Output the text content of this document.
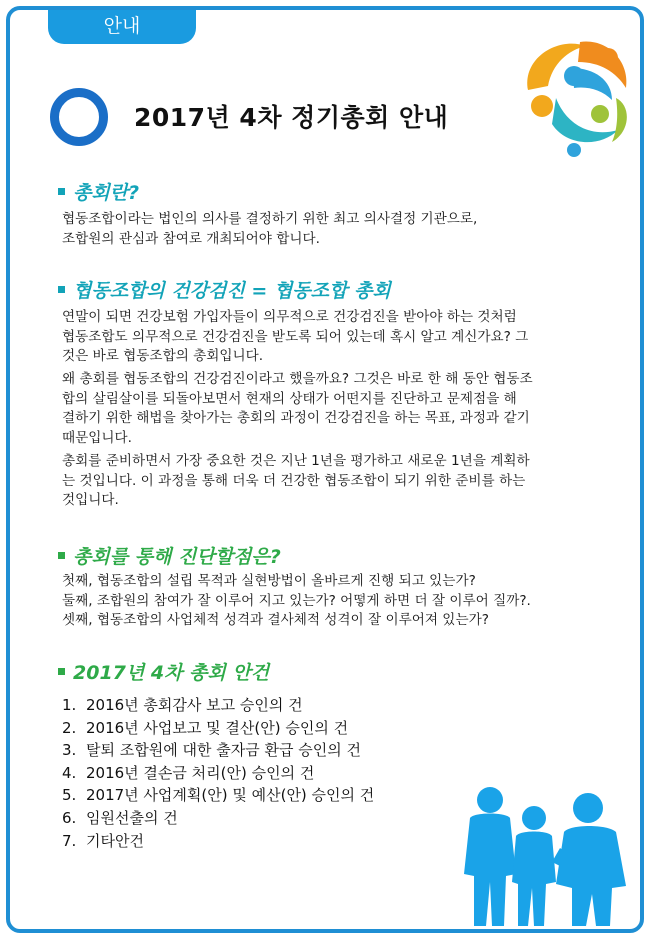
안내
2017년 4차 정기총회 안내
총회란?
협동조합이라는 법인의 의사를 결정하기 위한 최고 의사결정 기관으로,
조합원의 관심과 참여로 개최되어야 합니다.
협동조합의 건강검진 = 협동조합 총회
연말이 되면 건강보험 가입자들이 의무적으로 건강검진을 받아야 하는 것처럼
협동조합도 의무적으로 건강검진을 받도록 되어 있는데 혹시 알고 계신가요? 그
것은 바로 협동조합의 총회입니다.
왜 총회를 협동조합의 건강검진이라고 했을까요? 그것은 바로 한 해 동안 협동조
합의 살림살이를 되돌아보면서 현재의 상태가 어떤지를 진단하고 문제점을 해
결하기 위한 해법을 찾아가는 총회의 과정이 건강검진을 하는 목표, 과정과 같기
때문입니다.
총회를 준비하면서 가장 중요한 것은 지난 1년을 평가하고 새로운 1년을 계획하
는 것입니다. 이 과정을 통해 더욱 더 건강한 협동조합이 되기 위한 준비를 하는
것입니다.
총회를 통해 진단할점은?
첫째, 협동조합의 설립 목적과 실현방법이 올바르게 진행 되고 있는가?
둘째, 조합원의 참여가 잘 이루어 지고 있는가? 어떻게 하면 더 잘 이루어 질까?.
셋째, 협동조합의 사업체적 성격과 결사체적 성격이 잘 이루어져 있는가?
2017년 4차 총회 안건
1. 2016년 총회감사 보고 승인의 건
2. 2016년 사업보고 및 결산(안) 승인의 건
3. 탈퇴 조합원에 대한 출자금 환급 승인의 건
4. 2016년 결손금 처리(안) 승인의 건
5. 2017년 사업계획(안) 및 예산(안) 승인의 건
6. 임원선출의 건
7. 기타안건
